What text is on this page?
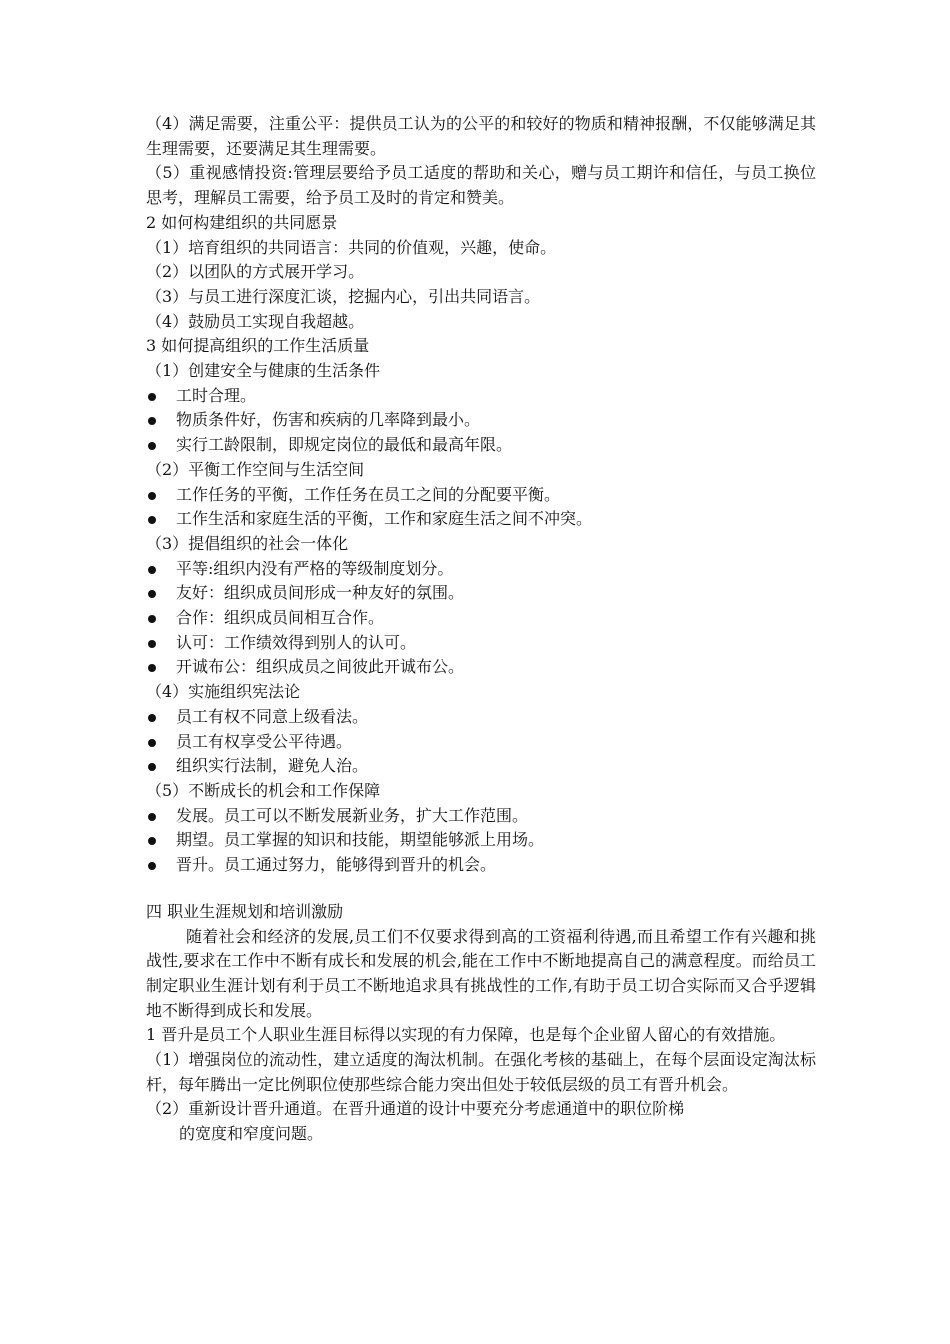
（4）满足需要，注重公平：提供员工认为的公平的和较好的物质和精神报酬，不仅能够满足其生理需要，还要满足其生理需要。
（5）重视感情投资:管理层要给予员工适度的帮助和关心，赠与员工期许和信任，与员工换位思考，理解员工需要，给予员工及时的肯定和赞美。
2 如何构建组织的共同愿景
（1）培育组织的共同语言：共同的价值观，兴趣，使命。
（2）以团队的方式展开学习。
（3）与员工进行深度汇谈，挖掘内心，引出共同语言。
（4）鼓励员工实现自我超越。
3 如何提高组织的工作生活质量
（1）创建安全与健康的生活条件
工时合理。
物质条件好，伤害和疾病的几率降到最小。
实行工龄限制，即规定岗位的最低和最高年限。
（2）平衡工作空间与生活空间
工作任务的平衡，工作任务在员工之间的分配要平衡。
工作生活和家庭生活的平衡，工作和家庭生活之间不冲突。
（3）提倡组织的社会一体化
平等:组织内没有严格的等级制度划分。
友好：组织成员间形成一种友好的氛围。
合作：组织成员间相互合作。
认可：工作绩效得到别人的认可。
开诚布公：组织成员之间彼此开诚布公。
（4）实施组织宪法论
员工有权不同意上级看法。
员工有权享受公平待遇。
组织实行法制，避免人治。
（5）不断成长的机会和工作保障
发展。员工可以不断发展新业务，扩大工作范围。
期望。员工掌握的知识和技能，期望能够派上用场。
晋升。员工通过努力，能够得到晋升的机会。
四 职业生涯规划和培训激励
随着社会和经济的发展,员工们不仅要求得到高的工资福利待遇,而且希望工作有兴趣和挑战性,要求在工作中不断有成长和发展的机会,能在工作中不断地提高自己的满意程度。而给员工制定职业生涯计划有利于员工不断地追求具有挑战性的工作,有助于员工切合实际而又合乎逻辑地不断得到成长和发展。
1 晋升是员工个人职业生涯目标得以实现的有力保障，也是每个企业留人留心的有效措施。
（1）增强岗位的流动性，建立适度的淘汰机制。在强化考核的基础上，在每个层面设定淘汰标杆，每年腾出一定比例职位使那些综合能力突出但处于较低层级的员工有晋升机会。
（2）重新设计晋升通道。在晋升通道的设计中要充分考虑通道中的职位阶梯
的宽度和窄度问题。
